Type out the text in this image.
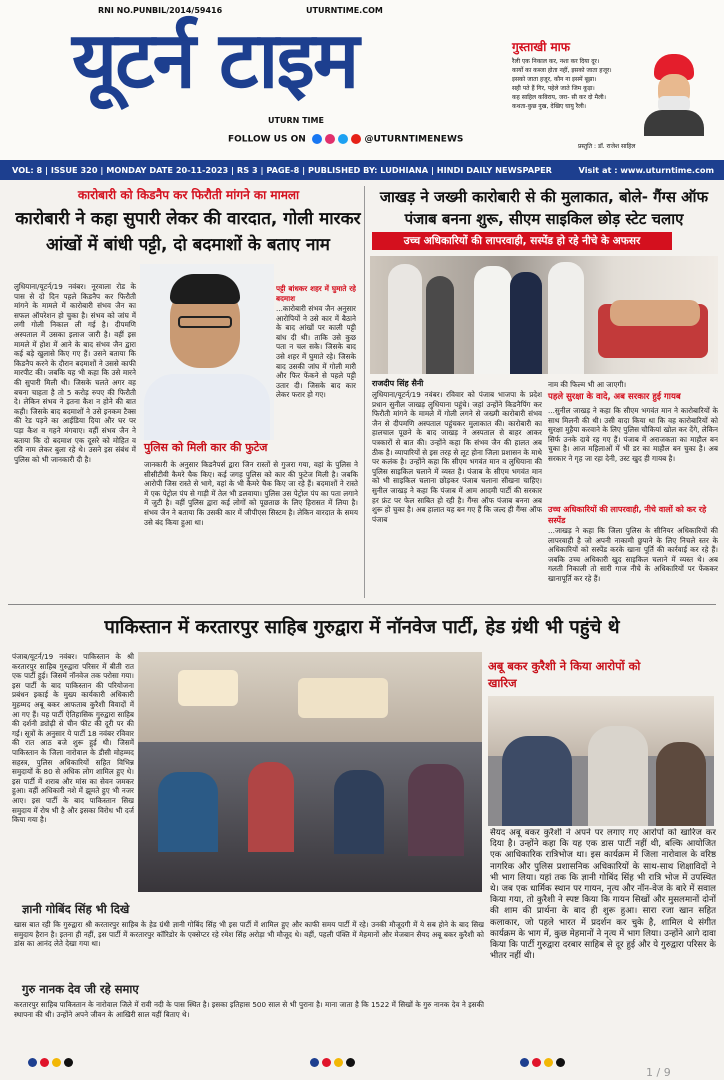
RNI NO.PUNBIL/2014/59416	UTURNTIME.COM
यूटर्न टाइम
UTURN TIME
FOLLOW US ON	@UTURNTIMENEWS
गुस्ताखी माफ
रैली एक निकाल कर, नशा कर दिया दूर।
कार्यो का कब्जा होता नहीं, इसको जाता हजूर।
इसको जाता हजूर, कौन ना इसमें बूझा।
सही पते हैं गिर, पहेले जाते जिम कूड़ा।
कह साहिल कविराय, जरा- सी कर दो मैली।
कथता-कुछ नुख, देखिए घायु रैली।
प्रस्तुति : डॉ. राजेश साहिल
VOL: 8 | ISSUE 320 | MONDAY DATE 20-11-2023 | RS 3 | PAGE-8 | PUBLISHED BY: LUDHIANA | HINDI DAILY NEWSPAPER	Visit at : www.uturntime.com
कारोबारी को किडनैप कर फिरौती मांगने का मामला
कारोबारी ने कहा सुपारी लेकर की वारदात, गोली मारकर आंखों में बांधी पट्टी, दो बदमाशों के बताए नाम
लुधियाना/यूटर्न/19 नवंबर। नूरवाला रोड के पास से दो दिन पहले किडनैप कर फिरौती मांगने के मामले में कारोबारी संभव जैन का सफल ऑपरेशन हो चुका है। संभव को जांघ में लगी गोली निकाल ली गई है। दीपमणि अस्पताल में उसका इलाज जारी है। वहीं इस मामले में होश में आने के बाद संभव जैन द्वारा कई बड़े खुलासे किए गए हैं। उसने बताया कि किडनैप करने के दौरान बदमाशों ने उससे काफी मारपीट की। जबकि यह भी कहा कि उसे मारने की सुपारी मिली थी। जिसके चलते अगर वह बचना चाहता है तो 5 करोड़ रुपए की फिरौती दे। लेकिन संभव ने इतना कैश न होने की बात कही। जिसके बाद बदमाशों ने उसे इनकम टैक्स की रेड पड़ने का आईडिया दिया और घर पर पड़ा कैश व गहने मंगवाए। वहीं संभव जैन ने बताया कि दो बदमाश एक दूसरे को मोहित व रवि नाम लेकर बुला रहे थे। उसने इस संबंध में पुलिस को भी जानकारी दी है।
पट्टी बांधकर शहर में घुमाते रहे बदमाश
...कारोबारी संभव जैन अनुसार आरोपियों ने उसे कार में बैठाने के बाद आंखों पर काली पट्टी बांध दी थी। ताकि उसे कुछ पता न चल सके। जिसके बाद उसे शहर में घुमाते रहे। जिसके बाद उसकी जांघ में गोली मारी और फिर फेंकने से पहले पट्टी उतार दी। जिसके बाद कार लेकर फरार हो गए।
पुलिस को मिली कार की फुटेज
जानकारी के अनुसार किडनैपर्स द्वारा जिन रास्तों से गुजरा गया, वहां के पुलिस ने सीसीटीवी कैमरे चैक किए। कई जगह पुलिस को कार की फुटेज मिली है। जबकि आरोपी जिस रास्ते से भागे, वहां के भी कैमरे चैक किए जा रहे हैं। बदमाशों ने रास्ते में एक पेट्रोल पंप से गाड़ी में तेल भी डलवाया। पुलिस उस पेट्रोल पंप का पता लगाने में जुटी है। वहीं पुलिस द्वारा कई लोगों को पूछताछ के लिए हिरासत में लिया है। संभव जैन ने बताया कि उसकी कार में जीपीएस सिस्टम है। लेकिन वारदात के समय उसे बंद किया हुआ था।
जाखड़ ने जख्मी कारोबारी से की मुलाकात, बोले- गैंग्स ऑफ पंजाब बनना शुरू, सीएम साइकिल छोड़ स्टेट चलाए
उच्च अधिकारियों की लापरवाही, सस्पेंड हो रहे नीचे के अफसर
राजदीप सिंह सैनी
लुधियाना/यूटर्न/19 नवंबर। रविवार को पंजाब भाजपा के प्रदेश प्रधान सुनील जाखड़ लुधियाना पहुंचे। जहां उन्होंने किडनैपिंग कर फिरौती मांगने के मामले में गोली लगने से जख्मी कारोबारी संभव जैन से दीपमणि अस्पताल पहुंचकर मुलाकात की। कारोबारी का हालचाल पूछने के बाद जाखड़ ने अस्पताल से बाहर आकर पत्रकारों से बात की। उन्होंने कहा कि संभव जैन की हालत अब ठीक है। व्यापारियों से इस तरह से लूट होना जिला प्रशासन के माथे पर कलंक है। उन्होंने कहा कि सीएम भगवंत मान व लुधियाना की पुलिस साइकिल चलाने में व्यस्त है। पंजाब के सीएम भगवंत मान को भी साइकिल चलाना छोड़कर पंजाब चलाना सीखना चाहिए। सुनील जाखड़ ने कहा कि पंजाब में आम आदमी पार्टी की सरकार हर फ्रंट पर फेल साबित हो रही है। गैंग्स ऑफ पंजाब बनना अब शुरू हो चुका है। अब हालात यह बन गए हैं कि जल्द ही गैंग्स ऑफ पंजाब
नाम की फिल्म भी आ जाएगी।
पहले सुरक्षा के वादे, अब सरकार हुई गायब
...सुनील जाखड़ ने कहा कि सीएम भगवंत मान ने कारोबारियों के साथ मिलनी की थी। उसी वादा किया था कि वह कारोबारियों को सुरक्षा मुहैया करवाने के लिए पुलिस चौकियां खोल कर देंगे, लेकिन सिर्फ उनके दावे रह गए हैं। पंजाब में अराजकता का माहौल बन चुका है। आज महिलाओं में भी डर का माहौल बन चुका है। अब सरकार ने गृह जा रहा देनी, उस्ट खुद ही गायब है।
उच्च अधिकारियों की लापरवाही, नीचे वालों को कर रहे सस्पेंड
...जाखड़ ने कहा कि जिला पुलिस के सीनियर अधिकारियों की लापरवाही है जो अपनी नाकामी छुपाने के लिए निचले स्तर के अधिकारियों को सस्पेंड करके खाना पूर्ति की कार्रवाई कर रहे हैं। जबकि उच्च अधिकारी खुद साइकिल चलाने में व्यस्त थे। अब गलती निकाली तो सारी गाज नीचे के अधिकारियों पर फेंककर खानापूर्ति कर रहे हैं।
पाकिस्तान में करतारपुर साहिब गुरुद्वारा में नॉनवेज पार्टी, हेड ग्रंथी भी पहुंचे थे
पंजाब/यूटर्न/19 नवंबर। पाकिस्तान के श्री करतारपुर साहिब गुरुद्वारा परिसर में बीती रात एक पार्टी हुई। जिसमें नॉनवेज तक परोसा गया। इस पार्टी के बाद पाकिस्तान की परियोजना प्रबंधन इकाई के मुख्य कार्यकारी अधिकारी मुहम्मद अबू बकर आफताब कुरैशी विवादों में आ गए हैं। यह पार्टी ऐतिहासिक गुरुद्वारा साहिब की दर्शनी ड्योढ़ी से चीन फीट की दूरी पर की गई। सूत्रों के अनुसार ये पार्टी 18 नवंबर रविवार की रात आठ बजे शुरू हुई थी। जिसमें पाकिस्तान के जिला नारोवाल के डीसी मोहम्मद सहस्त्र, पुलिस अधिकारियों सहित विभिन्न समुदायों के 80 से अधिक लोग शामिल हुए थे। इस पार्टी में शराब और मांस का सेवन जमकर हुआ। वहीं अधिकारी नशे में झूमते हुए भी नजर आए। इस पार्टी के बाद पाकिस्तान सिख समुदाय में रोष भी है और इसका विरोध भी दर्ज किया गया है।
अबू बकर कुरैशी ने किया आरोपों को खारिज
सैयद अबू बकर कुरैशी ने अपने पर लगाए गए आरोपों को खारिज कर दिया है। उन्होंने कहा कि यह एक डास पार्टी नहीं थी, बल्कि आयोजित एक आधिकारिक रात्रिभोज था। इस कार्यक्रम में जिला नारोवाल के वरिष्ठ नागरिक और पुलिस प्रशासनिक अधिकारियों के साथ-साथ शिक्षाविदों ने भी भाग लिया। यहां तक कि ज्ञानी गोबिंद सिंह भी रात्रि भोज में उपस्थित थे। जब एक धार्मिक स्थान पर गायन, नृत्य और नॉन-वेज के बारे में सवाल किया गया, तो कुरैशी ने स्पष्ट किया कि गायन सिखों और मुसलमानों दोनों की शाम की प्रार्थना के बाद ही शुरू हुआ। सारा रजा खान सहित कलाकार, जो पहले भारत में प्रदर्शन कर चुके है, शामिल थे संगीत कार्यक्रम के भाग में, कुछ मेहमानों ने नृत्य में भाग लिया। उन्होंने आगे दावा किया कि पार्टी गुरुद्वारा दरबार साहिब से दूर हुई और ये गुरुद्वारा परिसर के भीतर नहीं थी।
ज्ञानी गोबिंद सिंह भी दिखे
खास बात रही कि गुरुद्वारा श्री करतारपुर साहिब के हेड ग्रंथी ज्ञानी गोबिंद सिंह भी इस पार्टी में शामिल हुए और काफी समय पार्टी में रहे। उनकी मौजूदगी में ये सब होने के बाद सिख समुदाय हैरान है। इतना ही नहीं, इस पार्टी में करतारपुर कॉरिडोर के एक्सेप्टर रहे रमेश सिंह अरोड़ा भी मौजूद थे। वहीं, पहली पंक्ति में मेहमानों और मेजबान सैयद अबू बकर कुरैशी को डांस का आनंद लेते देखा गया था।
गुरु नानक देव जी रहे समाए
करतारपुर साहिब पाकिस्तान के नारोवाल जिले में रावी नदी के पास स्थित है। इसका इतिहास 500 साल से भी पुराना है। माना जाता है कि 1522 में सिखों के गुरु नानक देव ने इसकी स्थापना की थी। उन्होंने अपने जीवन के आखिरी साल यहीं बिताए थे।
1 / 9
